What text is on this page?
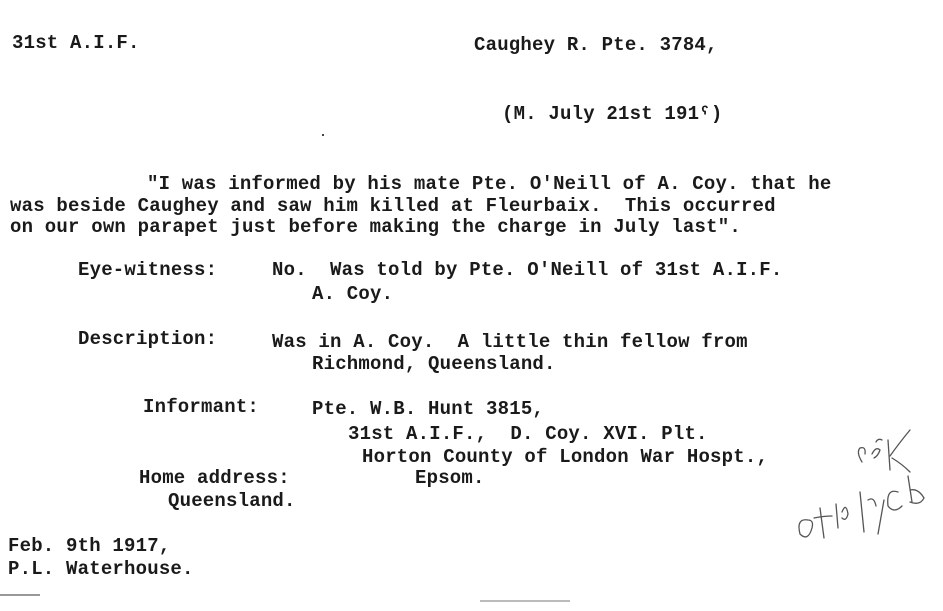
31st A.I.F.	Caughey R. Pte. 3784,
(M. July 21st 191ˁ)
"I was informed by his mate Pte. O'Neill of A. Coy. that he
was beside Caughey and saw him killed at Fleurbaix.  This occurred
on our own parapet just before making the charge in July last".
Eye-witness:	No.  Was told by Pte. O'Neill of 31st A.I.F.
A. Coy.
Description:	Was in A. Coy.  A little thin fellow from
Richmond, Queensland.
Informant:	Pte. W.B. Hunt 3815,
31st A.I.F.,  D. Coy. XVI. Plt.
Horton County of London War Hospt.,
Home address:	Epsom.
Queensland.
Feb. 9th 1917,
P.L. Waterhouse.
